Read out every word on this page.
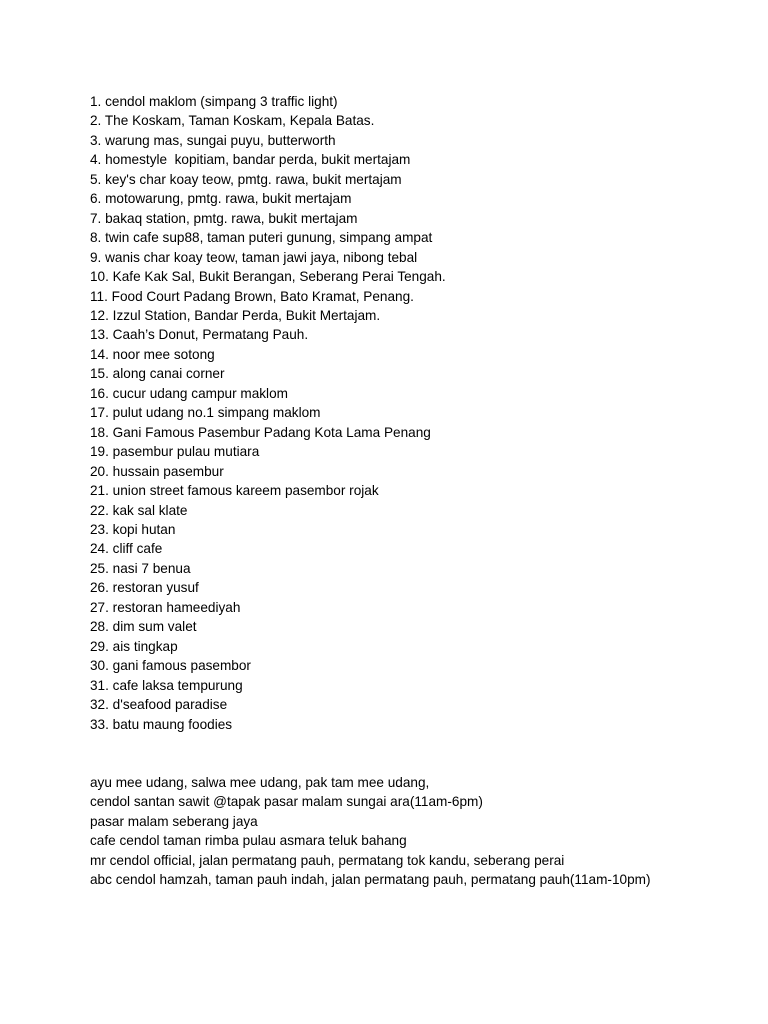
1. cendol maklom (simpang 3 traffic light)
2. The Koskam, Taman Koskam, Kepala Batas.
3. warung mas, sungai puyu, butterworth
4. homestyle  kopitiam, bandar perda, bukit mertajam
5. key's char koay teow, pmtg. rawa, bukit mertajam
6. motowarung, pmtg. rawa, bukit mertajam
7. bakaq station, pmtg. rawa, bukit mertajam
8. twin cafe sup88, taman puteri gunung, simpang ampat
9. wanis char koay teow, taman jawi jaya, nibong tebal
10. Kafe Kak Sal, Bukit Berangan, Seberang Perai Tengah.
11. Food Court Padang Brown, Bato Kramat, Penang.
12. Izzul Station, Bandar Perda, Bukit Mertajam.
13. Caah’s Donut, Permatang Pauh.
14. noor mee sotong
15. along canai corner
16. cucur udang campur maklom
17. pulut udang no.1 simpang maklom
18. Gani Famous Pasembur Padang Kota Lama Penang
19. pasembur pulau mutiara
20. hussain pasembur
21. union street famous kareem pasembor rojak
22. kak sal klate
23. kopi hutan
24. cliff cafe
25. nasi 7 benua
26. restoran yusuf
27. restoran hameediyah
28. dim sum valet
29. ais tingkap
30. gani famous pasembor
31. cafe laksa tempurung
32. d'seafood paradise
33. batu maung foodies
ayu mee udang, salwa mee udang, pak tam mee udang,
cendol santan sawit @tapak pasar malam sungai ara(11am-6pm)
pasar malam seberang jaya
cafe cendol taman rimba pulau asmara teluk bahang
mr cendol official, jalan permatang pauh, permatang tok kandu, seberang perai
abc cendol hamzah, taman pauh indah, jalan permatang pauh, permatang pauh(11am-10pm)
